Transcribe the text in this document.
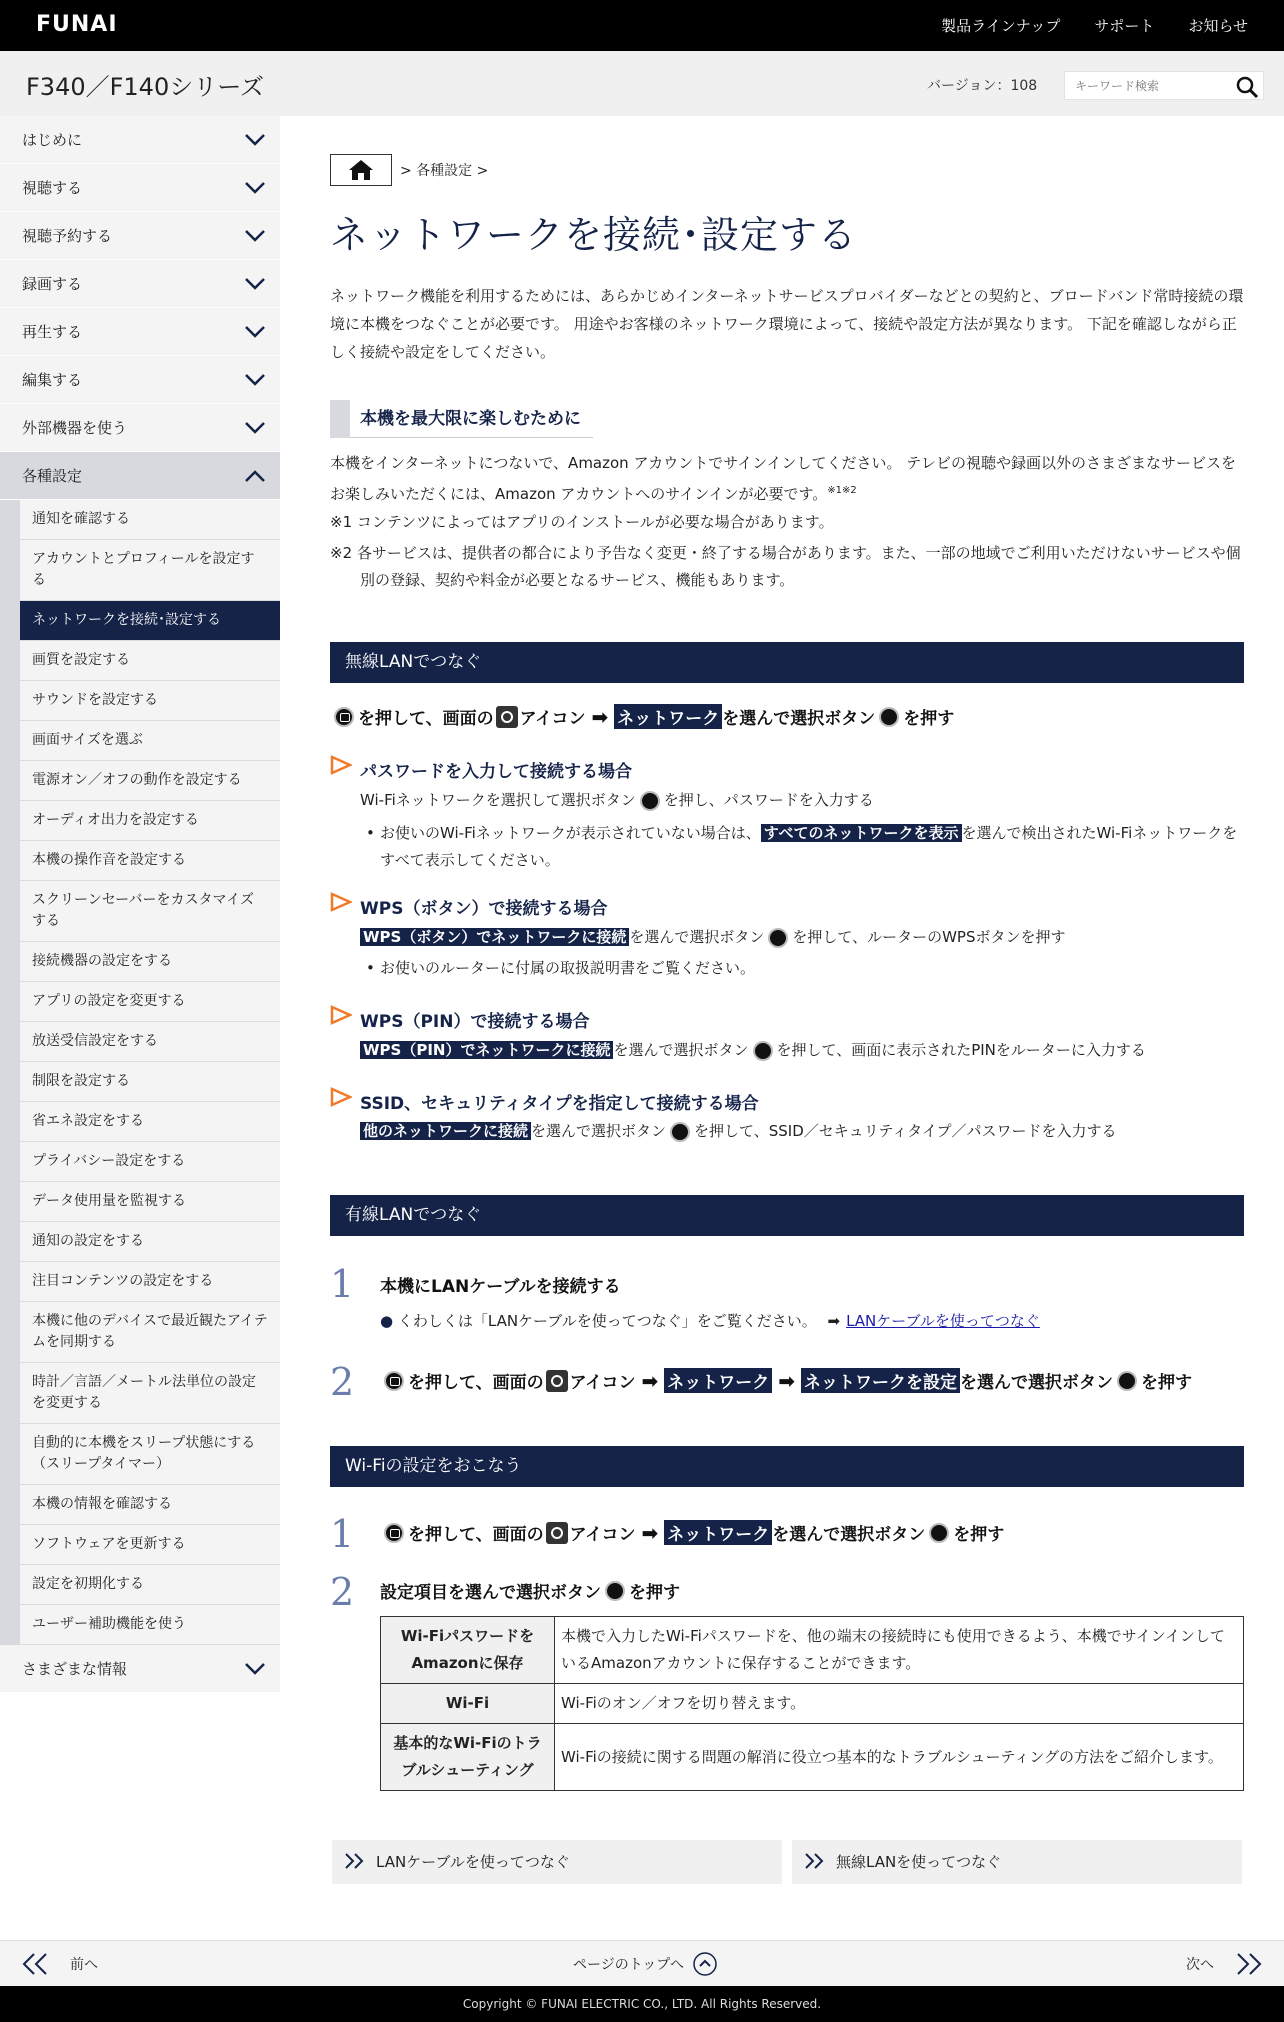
FUNAI	製品ラインナップ サポート お知らせ
F340／F140シリーズ	バージョン：108
キーワード検索
はじめに
視聴する
視聴予約する
録画する
再生する
編集する
外部機器を使う
各種設定
通知を確認する
アカウントとプロフィールを設定する
ネットワークを接続･設定する
画質を設定する
サウンドを設定する
画面サイズを選ぶ
電源オン／オフの動作を設定する
オーディオ出力を設定する
本機の操作音を設定する
スクリーンセーバーをカスタマイズする
接続機器の設定をする
アプリの設定を変更する
放送受信設定をする
制限を設定する
省エネ設定をする
プライバシー設定をする
データ使用量を監視する
通知の設定をする
注目コンテンツの設定をする
本機に他のデバイスで最近観たアイテムを同期する
時計／言語／メートル法単位の設定を変更する
自動的に本機をスリープ状態にする（スリープタイマー）
本機の情報を確認する
ソフトウェアを更新する
設定を初期化する
ユーザー補助機能を使う
さまざまな情報
> 各種設定 >
ネットワークを接続･設定する
ネットワーク機能を利用するためには、あらかじめインターネットサービスプロバイダーなどとの契約と、ブロードバンド常時接続の環境に本機をつなぐことが必要です。 用途やお客様のネットワーク環境によって、接続や設定方法が異なります。 下記を確認しながら正しく接続や設定をしてください。
本機を最大限に楽しむために
本機をインターネットにつないで、Amazon アカウントでサインインしてください。 テレビの視聴や録画以外のさまざまなサービスをお楽しみいただくには、Amazon アカウントへのサインインが必要です。$^{※1※2}$
※1 コンテンツによってはアプリのインストールが必要な場合があります。
※2 各サービスは、提供者の都合により予告なく変更・終了する場合があります。また、一部の地域でご利用いただけないサービスや個別の登録、契約や料金が必要となるサービス、機能もあります。
無線LANでつなぐ
を押して、画面の アイコン ➡ ネットワーク を選んで選択ボタン を押す
パスワードを入力して接続する場合
Wi-Fiネットワークを選択して選択ボタン を押し、パスワードを入力する
• お使いのWi-Fiネットワークが表示されていない場合は、 すべてのネットワークを表示 を選んで検出されたWi-Fiネットワークをすべて表示してください。
WPS（ボタン）で接続する場合
WPS（ボタン）でネットワークに接続 を選んで選択ボタン を押して、ルーターのWPSボタンを押す
• お使いのルーターに付属の取扱説明書をご覧ください。
WPS（PIN）で接続する場合
WPS（PIN）でネットワークに接続 を選んで選択ボタン を押して、画面に表示されたPINをルーターに入力する
SSID、セキュリティタイプを指定して接続する場合
他のネットワークに接続 を選んで選択ボタン を押して、SSID／セキュリティタイプ／パスワードを入力する
有線LANでつなぐ
1 本機にLANケーブルを接続する
● くわしくは「LANケーブルを使ってつなぐ」をご覧ください。 ➡ LANケーブルを使ってつなぐ
2	を押して、画面の アイコン ➡ ネットワーク ➡ ネットワークを設定 を選んで選択ボタン を押す
Wi-Fiの設定をおこなう
1	を押して、画面の アイコン ➡ ネットワーク を選んで選択ボタン を押す
2 設定項目を選んで選択ボタン を押す
Wi-FiパスワードをAmazonに保存	本機で入力したWi-Fiパスワードを、他の端末の接続時にも使用できるよう、本機でサインインしているAmazonアカウントに保存することができます。
Wi-Fi	Wi-Fiのオン／オフを切り替えます。
基本的なWi-Fiのトラブルシューティング	Wi-Fiの接続に関する問題の解消に役立つ基本的なトラブルシューティングの方法をご紹介します。
LANケーブルを使ってつなぐ	無線LANを使ってつなぐ
前へ	ページのトップへ	次へ
Copyright © FUNAI ELECTRIC CO., LTD. All Rights Reserved.
